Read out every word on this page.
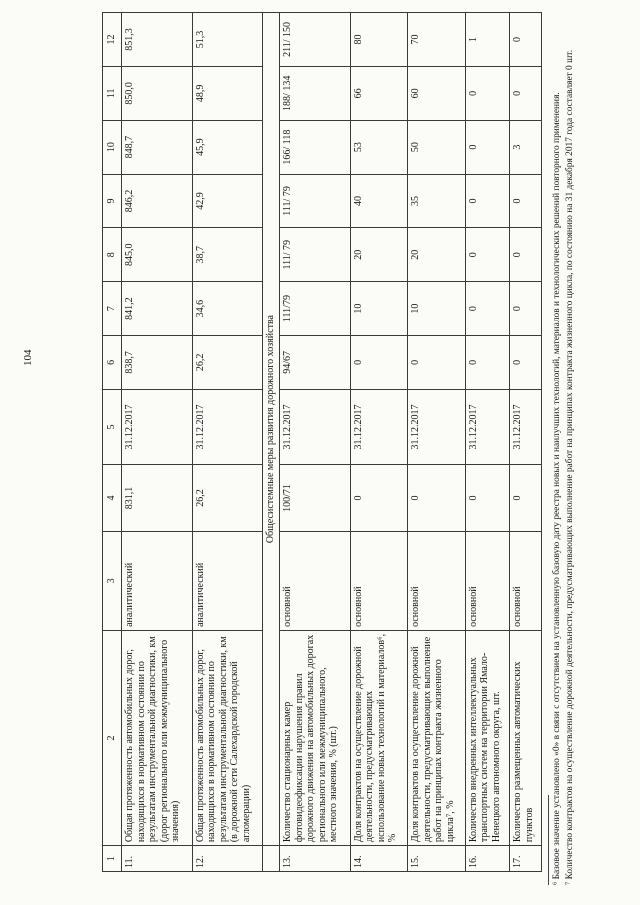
104
1	2	3	4	5	6	7	8	9	10	11	12
11.	Общая протяженность автомобильных дорог, находящихся в нормативном состоянии по результатам инструментальной диагностики, км (дорог регионального или межмуниципального значения)	аналитический	831,1	31.12.2017	838,7	841,2	845,0	846,2	848,7	850,0	851,3
12.	Общая протяженность автомобильных дорог, находящихся в нормативном состоянии по результатам инструментальной диагностики, км (в дорожной сети Салехардской городской агломерации)	аналитический	26,2	31.12.2017	26,2	34,6	38,7	42,9	45,9	48,9	51,3
	Общесистемные меры развития дорожного хозяйства										
13.	Количество стационарных камер фотовидеофиксации нарушения правил дорожного движения на автомобильных дорогах регионального или межмуниципального, местного значения, % (шт.)	основной	100/71	31.12.2017	94/67	111/79	111/ 79	111/ 79	166/ 118	188/ 134	211/ 150
14.	Доля контрактов на осуществление дорожной деятельности, предусматривающих использование новых технологий и материалов⁶, %	основной	0	31.12.2017	0	10	20	40	53	66	80
15.	Доля контрактов на осуществление дорожной деятельности, предусматривающих выполнение работ на принципах контракта жизненного цикла⁷, %	основной	0	31.12.2017	0	10	20	35	50	60	70
16.	Количество внедренных интеллектуальных транспортных систем на территории Ямало-Ненецкого автономного округа, шт.	основной	0	31.12.2017	0	0	0	0	0	0	1
17.	Количество размещенных автоматических пунктов	основной	0	31.12.2017	0	0	0	0	3	0	0

⁶ Базовое значение установлено «0» в связи с отсутствием на установленную базовую дату реестра новых и наилучших технологий, материалов и технологических решений повторного применения. ⁷ Количество контрактов на осуществление дорожной деятельности, предусматривающих выполнение работ на принципах контракта жизненного цикла, по состоянию на 31 декабря 2017 года составляет 0 шт.
